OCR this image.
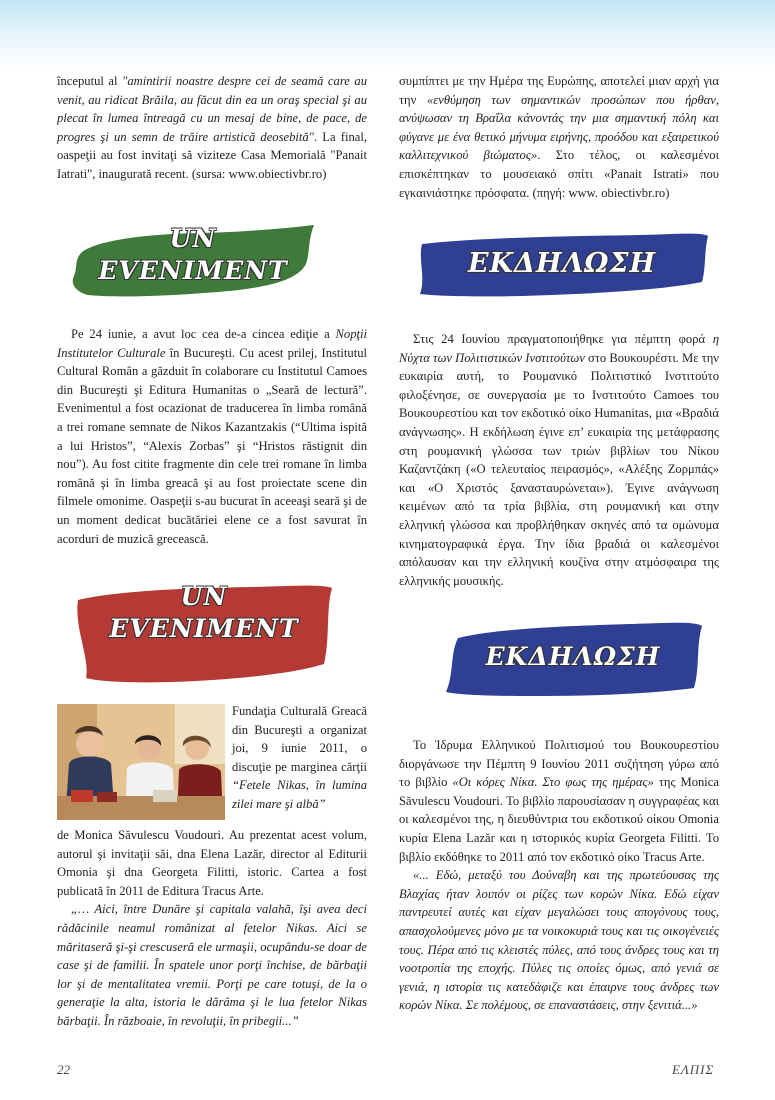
începutul al "amintirii noastre despre cei de seamă care au venit, au ridicat Brăila, au făcut din ea un oraş special şi au plecat în lumea întreagă cu un mesaj de bine, de pace, de progres şi un semn de trăire artistică deosebită". La final, oaspeţii au fost invitaţi să viziteze Casa Memorială "Panait Iatrati", inaugurată recent. (sursa: www.obiectivbr.ro)

συμπίπτει με την Ημέρα της Ευρώπης, αποτελεί μιαν αρχή για την «ενθύμηση των σημαντικών προσώπων που ήρθαν, ανύψωσαν τη Βραΐλα κάνοντάς την μια σημαντική πόλη και φύγανε με ένα θετικό μήνυμα ειρήνης, προόδου και εξαιρετικού καλλιτεχνικού βιώματος». Στο τέλος, οι καλεσμένοι επισκέπτηκαν το μουσειακό σπίτι «Panait Istrati» που εγκαινιάστηκε πρόσφατα. (πηγή: www. obiectivbr.ro)

UN
EVENIMENT	ΕΚΔΗΛΩΣΗ

Pe 24 iunie, a avut loc cea de-a cincea ediţie a Nopţii Institutelor Culturale în Bucureşti. Cu acest prilej, Institutul Cultural Român a găzduit în colaborare cu Institutul Camoes din Bucureşti şi Editura Humanitas o „Seară de lectură”. Evenimentul a fost ocazionat de traducerea în limba română a trei romane semnate de Nikos Kazantzakis (“Ultima ispită a lui Hristos”, “Alexis Zorbas” şi “Hristos răstignit din nou”). Au fost citite fragmente din cele trei romane în limba română şi în limba greacă şi au fost proiectate scene din filmele omonime. Oaspeţii s-au bucurat în aceeaşi seară şi de un moment dedicat bucătăriei elene ce a fost savurat în acorduri de muzică grecească.

Στις 24 Ιουνίου πραγματοποιήθηκε για πέμπτη φορά η Νύχτα των Πολιτιστικών Ινστιτούτων στο Βουκουρέστι. Με την ευκαιρία αυτή, το Ρουμανικό Πολιτιστικό Ινστιτούτο φιλοξένησε, σε συνεργασία με το Ινστιτούτο Camoes του Βουκουρεστίου και τον εκδοτικό οίκο Humanitas, μια «Βραδιά ανάγνωσης». Η εκδήλωση έγινε επ’ ευκαιρία της μετάφρασης στη ρουμανική γλώσσα των τριών βιβλίων του Νίκου Καζαντζάκη («Ο τελευταίος πειρασμός», «Αλέξης Ζορμπάς» και «Ο Χριστός ξανασταυρώνεται»). Έγινε ανάγνωση κειμένων από τα τρία βιβλία, στη ρουμανική και στην ελληνική γλώσσα και προβλήθηκαν σκηνές από τα ομώνυμα κινηματογραφικά έργα. Την ίδια βραδιά οι καλεσμένοι απόλαυσαν και την ελληνική κουζίνα στην ατμόσφαιρα της ελληνικής μουσικής.

UN
EVENIMENT
ΕΚΔΗΛΩΣΗ

Fundaţia Culturală Greacă din Bucureşti a organizat joi, 9 iunie 2011, o discuţie pe marginea cărţii “Fetele Nikas, în lumina zilei mare şi albă”

de Monica Săvulescu Voudouri. Au prezentat acest volum, autorul şi invitaţii săi, dna Elena Lazăr, director al Editurii Omonia şi dna Georgeta Filitti, istoric. Cartea a fost publicată în 2011 de Editura Tracus Arte.

„… Aici, între Dunăre şi capitala valahă, îşi avea deci rădăcinile neamul românizat al fetelor Nikas. Aici se măritaseră şi-şi crescuseră ele urmaşii, ocupându-se doar de case şi de familii. În spatele unor porţi închise, de bărbaţii lor şi de mentalitatea vremii. Porţi pe care totuşi, de la o generaţie la alta, istoria le dărâma şi le lua fetelor Nikas bărbaţii. În războaie, în revoluţii, în pribegii...”

Το Ίδρυμα Ελληνικού Πολιτισμού του Βουκουρεστίου διοργάνωσε την Πέμπτη 9 Ιουνίου 2011 συζήτηση γύρω από το βιβλίο «Οι κόρες Νίκα. Στο φως της ημέρας» της Monica Săvulescu Voudouri. Το βιβλίο παρουσίασαν η συγγραφέας και οι καλεσμένοι της, η διευθύντρια του εκδοτικού οίκου Omonia κυρία Elena Lazăr και η ιστορικός κυρία Georgeta Filitti. Το βιβλίο εκδόθηκε το 2011 από τον εκδοτικό οίκο Tracus Arte.

«... Εδώ, μεταξύ του Δούναβη και της πρωτεύουσας της Βλαχίας ήταν λοιπόν οι ρίζες των κορών Νίκα. Εδώ είχαν παντρευτεί αυτές και είχαν μεγαλώσει τους απογόνους τους, απασχολούμενες μόνο με τα νοικοκυριά τους και τις οικογένειές τους. Πέρα από τις κλειστές πύλες, από τους άνδρες τους και τη νοοτροπία της εποχής. Πύλες τις οποίες όμως, από γενιά σε γενιά, η ιστορία τις κατεδάφιζε και έπαιρνε τους άνδρες των κορών Νίκα. Σε πολέμους, σε επαναστάσεις, στην ξενιτιά...»

22	ΕΛΠΙΣ
